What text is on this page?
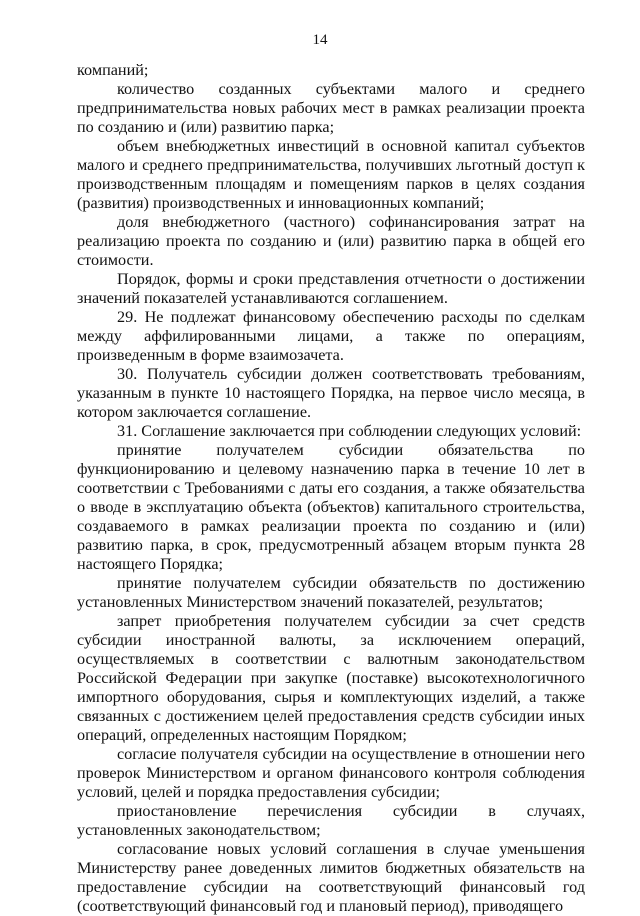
14

компаний;

количество созданных субъектами малого и среднего предпринимательства новых рабочих мест в рамках реализации проекта по созданию и (или) развитию парка;

объем внебюджетных инвестиций в основной капитал субъектов малого и среднего предпринимательства, получивших льготный доступ к производственным площадям и помещениям парков в целях создания (развития) производственных и инновационных компаний;

доля внебюджетного (частного) софинансирования затрат на реализацию проекта по созданию и (или) развитию парка в общей его стоимости.

Порядок, формы и сроки представления отчетности о достижении значений показателей устанавливаются соглашением.

29. Не подлежат финансовому обеспечению расходы по сделкам между аффилированными лицами, а также по операциям, произведенным в форме взаимозачета.

30. Получатель субсидии должен соответствовать требованиям, указанным в пункте 10 настоящего Порядка, на первое число месяца, в котором заключается соглашение.

31. Соглашение заключается при соблюдении следующих условий:

принятие получателем субсидии обязательства по функционированию и целевому назначению парка в течение 10 лет в соответствии с Требованиями с даты его создания, а также обязательства о вводе в эксплуатацию объекта (объектов) капитального строительства, создаваемого в рамках реализации проекта по созданию и (или) развитию парка, в срок, предусмотренный абзацем вторым пункта 28 настоящего Порядка;

принятие получателем субсидии обязательств по достижению установленных Министерством значений показателей, результатов;

запрет приобретения получателем субсидии за счет средств субсидии иностранной валюты, за исключением операций, осуществляемых в соответствии с валютным законодательством Российской Федерации при закупке (поставке) высокотехнологичного импортного оборудования, сырья и комплектующих изделий, а также связанных с достижением целей предоставления средств субсидии иных операций, определенных настоящим Порядком;

согласие получателя субсидии на осуществление в отношении него проверок Министерством и органом финансового контроля соблюдения условий, целей и порядка предоставления субсидии;

приостановление перечисления субсидии в случаях, установленных законодательством;

согласование новых условий соглашения в случае уменьшения Министерству ранее доведенных лимитов бюджетных обязательств на предоставление субсидии на соответствующий финансовый год (соответствующий финансовый год и плановый период), приводящего
